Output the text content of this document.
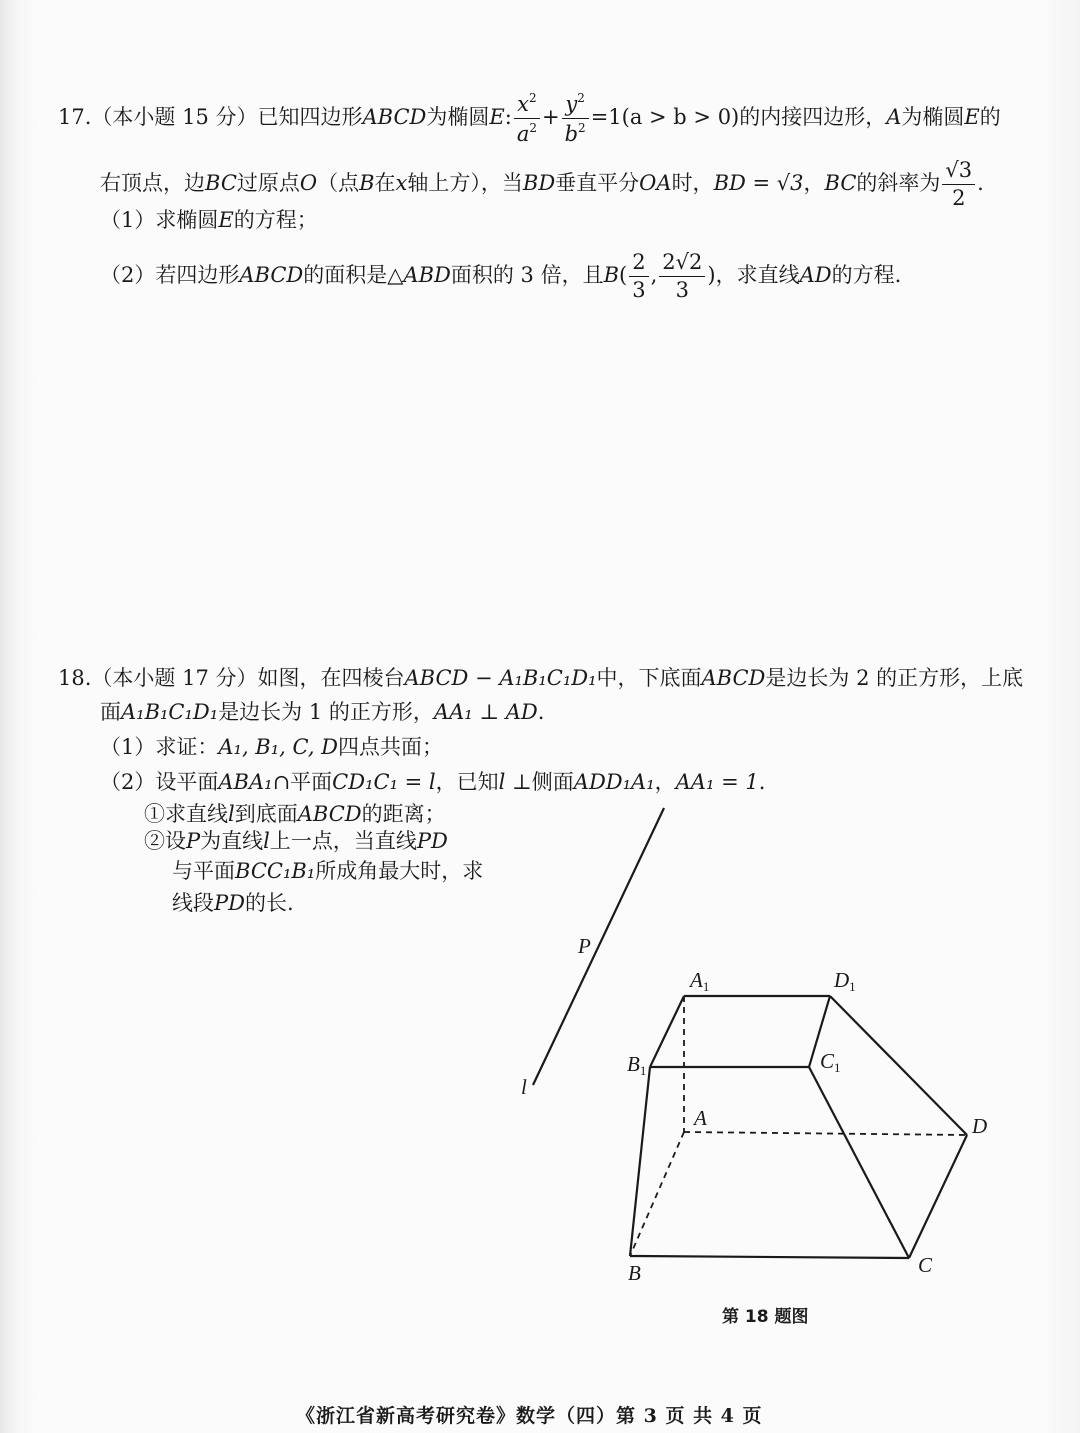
17.（本小题 15 分）已知四边形ABCD为椭圆E: $\frac{x^2}{a^2} + \frac{y^2}{b^2} =1(a > b > 0)$的内接四边形，A为椭圆E的
右顶点，边BC过原点O（点B在x轴上方），当BD垂直平分OA时，BD = √3，BC的斜率为 $\frac{√3}{2}$ .
（1）求椭圆E的方程；
（2）若四边形ABCD的面积是△ABD面积的 3 倍，且$B( \frac{2}{3}$ , $\frac{2√2}{3}$ )，求直线AD的方程.
18.（本小题 17 分）如图，在四棱台ABCD − A₁B₁C₁D₁中，下底面ABCD是边长为 2 的正方形，上底
面A₁B₁C₁D₁是边长为 1 的正方形，AA₁ ⊥ AD.
（1）求证：A₁, B₁, C, D四点共面；
（2）设平面ABA₁∩平面CD₁C₁ = l，已知l ⊥侧面ADD₁A₁，AA₁ = 1.
①求直线l到底面ABCD的距离；
②设P为直线l上一点，当直线PD
与平面BCC₁B₁所成角最大时，求
线段PD的长.
P
l
A1	D1
B1	C1
A	D
B	C
第 18 题图
《浙江省新高考研究卷》数学（四）第 3 页 共 4 页
